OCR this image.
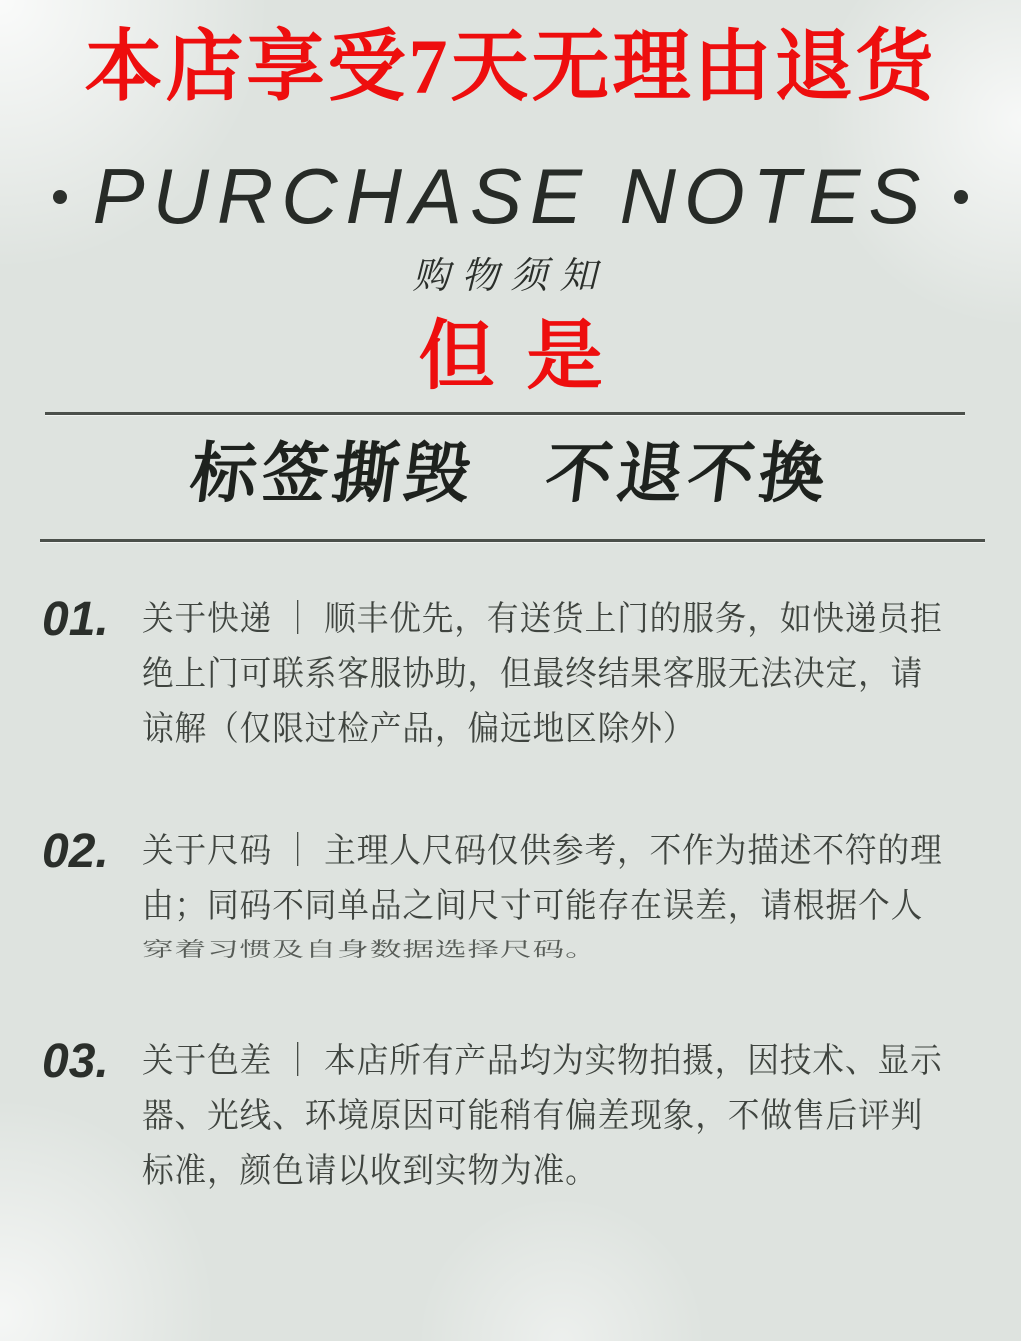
本店享受7天无理由退货
PURCHASE NOTES
购物须知
但是
标签撕毁　不退不換
01. 关于快递 ｜ 顺丰优先，有送货上门的服务，如快递员拒
绝上门可联系客服协助，但最终结果客服无法决定，请
谅解（仅限过检产品，偏远地区除外）
02. 关于尺码 ｜ 主理人尺码仅供参考，不作为描述不符的理
由；同码不同单品之间尺寸可能存在误差，请根据个人
穿着习惯及自身数据选择尺码。
03. 关于色差 ｜ 本店所有产品均为实物拍摄，因技术、显示
器、光线、环境原因可能稍有偏差现象，不做售后评判
标准，颜色请以收到实物为准。
